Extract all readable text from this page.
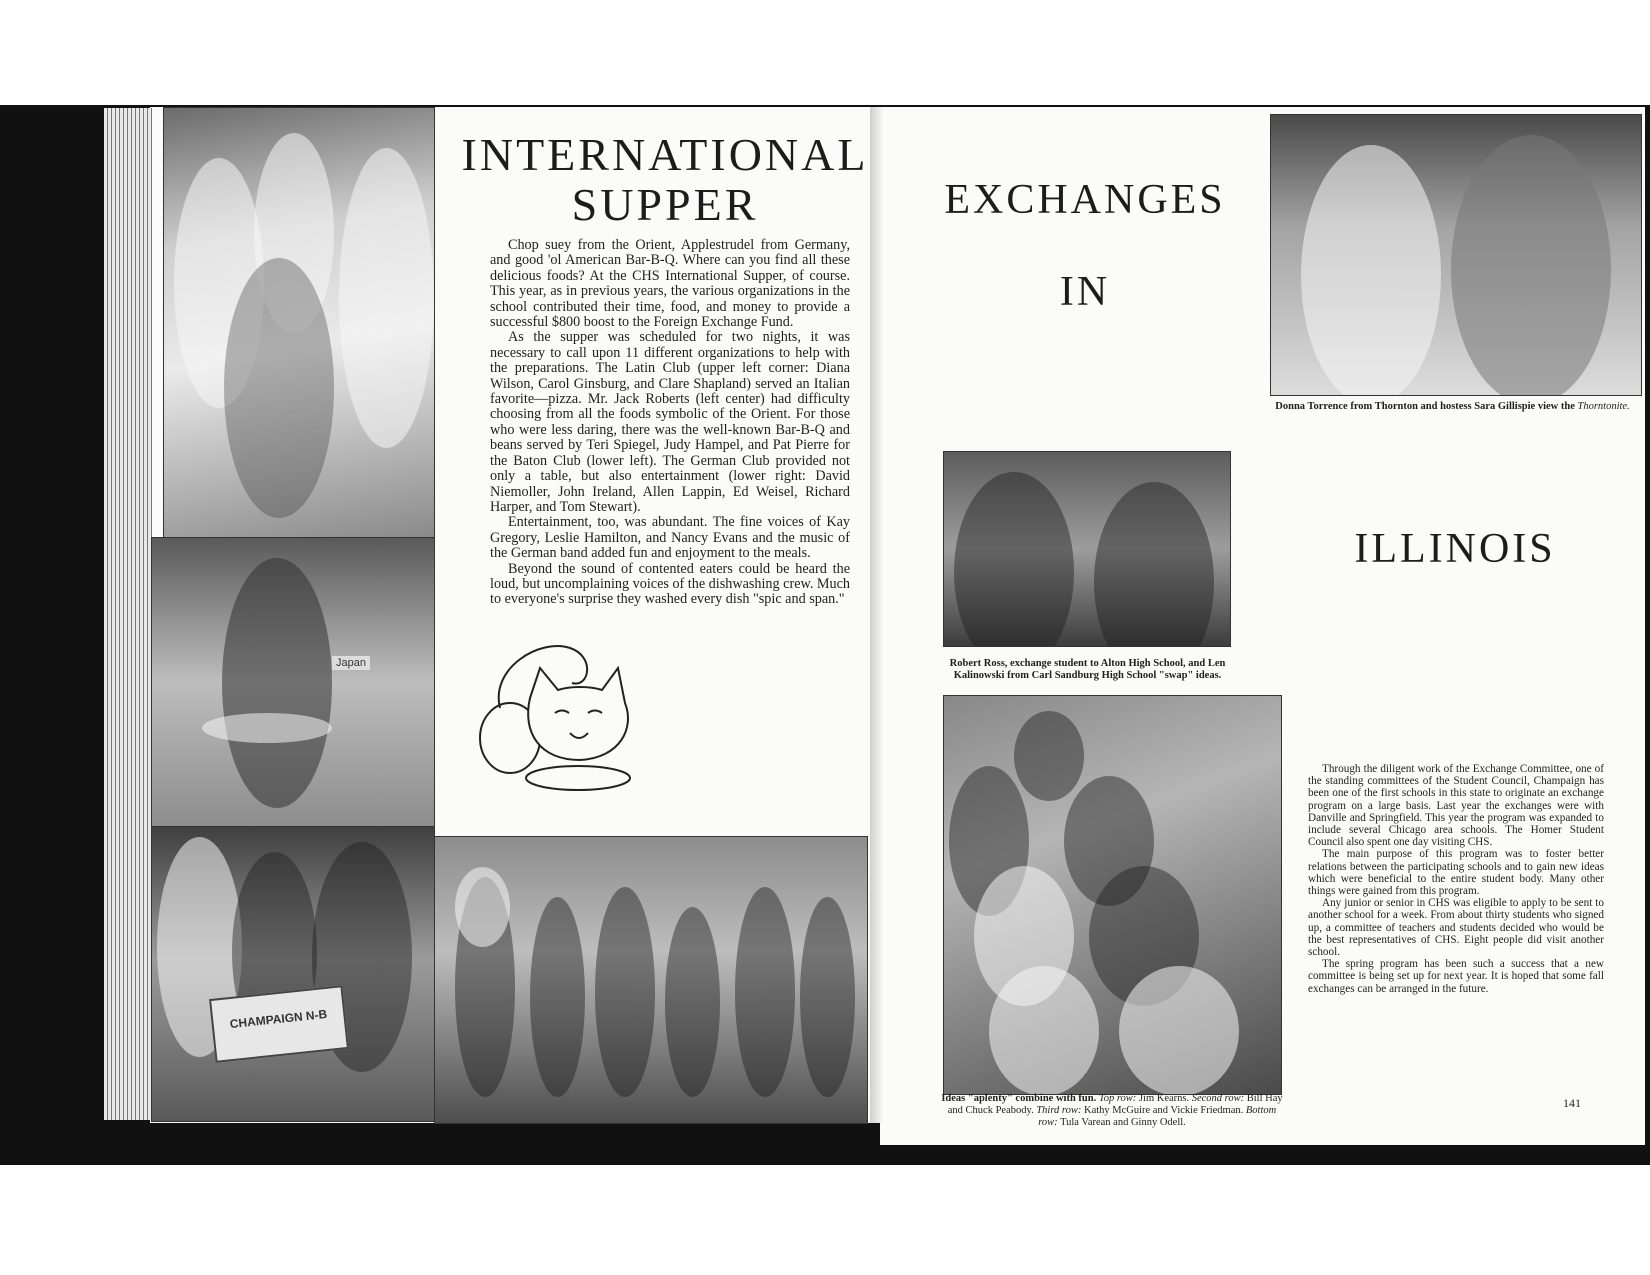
Japan
CHAMPAIGN N-B
INTERNATIONAL
SUPPER

Chop suey from the Orient, Applestrudel from Germany, and good 'ol American Bar-B-Q. Where can you find all these delicious foods? At the CHS International Supper, of course. This year, as in previous years, the various organizations in the school contributed their time, food, and money to provide a successful $800 boost to the Foreign Exchange Fund.

As the supper was scheduled for two nights, it was necessary to call upon 11 different organizations to help with the preparations. The Latin Club (upper left corner: Diana Wilson, Carol Ginsburg, and Clare Shapland) served an Italian favorite—pizza. Mr. Jack Roberts (left center) had difficulty choosing from all the foods symbolic of the Orient. For those who were less daring, there was the well-known Bar-B-Q and beans served by Teri Spiegel, Judy Hampel, and Pat Pierre for the Baton Club (lower left). The German Club provided not only a table, but also entertainment (lower right: David Niemoller, John Ireland, Allen Lappin, Ed Weisel, Richard Harper, and Tom Stewart).

Entertainment, too, was abundant. The fine voices of Kay Gregory, Leslie Hamilton, and Nancy Evans and the music of the German band added fun and enjoyment to the meals.

Beyond the sound of contented eaters could be heard the loud, but uncomplaining voices of the dishwashing crew. Much to everyone's surprise they washed every dish "spic and span."

EXCHANGES
IN
ILLINOIS
Donna Torrence from Thornton and hostess Sara Gillispie view the Thorntonite.
Robert Ross, exchange student to Alton High School, and Len Kalinowski from Carl Sandburg High School "swap" ideas.
Ideas "aplenty" combine with fun. Top row: Jim Kearns. Second row: Bill Hay and Chuck Peabody. Third row: Kathy McGuire and Vickie Friedman. Bottom row: Tula Varean and Ginny Odell.

Through the diligent work of the Exchange Committee, one of the standing committees of the Student Council, Champaign has been one of the first schools in this state to originate an exchange program on a large basis. Last year the exchanges were with Danville and Springfield. This year the program was expanded to include several Chicago area schools. The Homer Student Council also spent one day visiting CHS.

The main purpose of this program was to foster better relations between the participating schools and to gain new ideas which were beneficial to the entire student body. Many other things were gained from this program.

Any junior or senior in CHS was eligible to apply to be sent to another school for a week. From about thirty students who signed up, a committee of teachers and students decided who would be the best representatives of CHS. Eight people did visit another school.

The spring program has been such a success that a new committee is being set up for next year. It is hoped that some fall exchanges can be arranged in the future.

141
